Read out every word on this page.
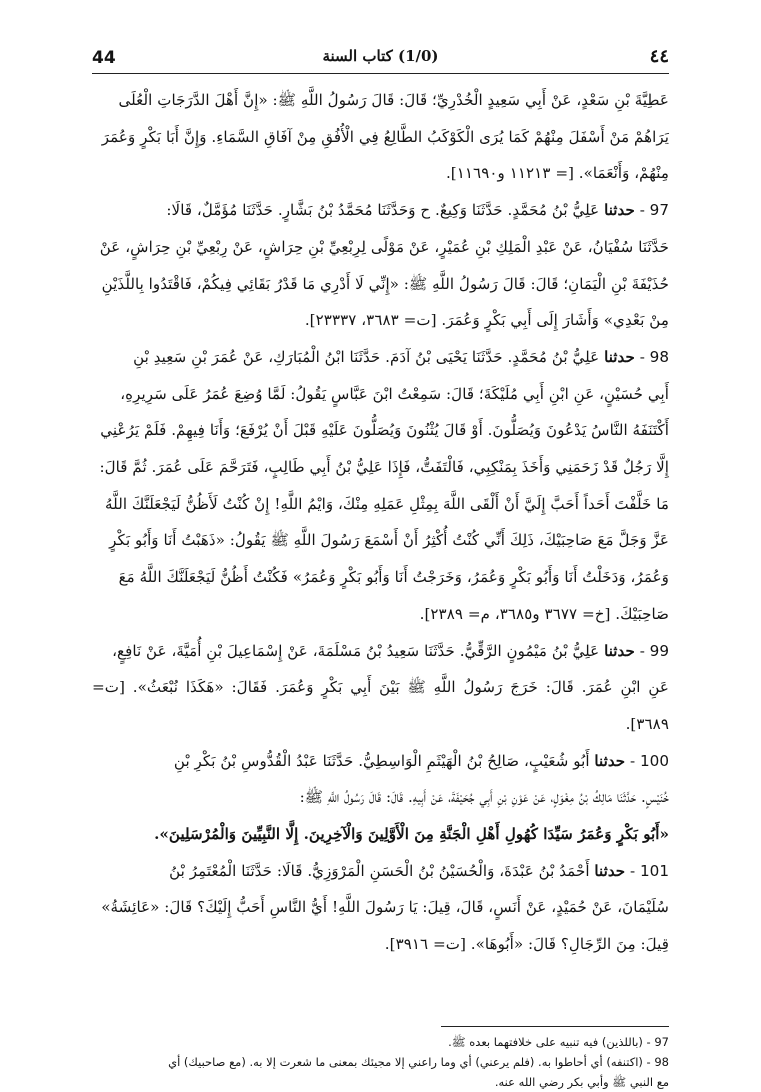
44	(1/0) كتاب السنة	٤٤

عَطِيَّةَ بْنِ سَعْدٍ، عَنْ أَبِي سَعِيدٍ الْخُدْرِيِّ؛ قَالَ: قَالَ رَسُولُ اللَّهِ ﷺ: «إِنَّ أَهْلَ الدَّرَجَاتِ الْعُلَى

يَرَاهُمْ مَنْ أَسْفَلَ مِنْهُمْ كَمَا يُرَى الْكَوْكَبُ الطَّالِعُ فِي الْأُفُقِ مِنْ آفَاقِ السَّمَاءِ. وَإِنَّ أَبَا بَكْرٍ وَعُمَرَ

مِنْهُمْ، وَأَنْعَمَا». [= ١١٢١٣ و١١٦٩٠].

97 - حدثنا عَلِيُّ بْنُ مُحَمَّدٍ. حَدَّثَنَا وَكِيعٌ. ح وَحَدَّثَنَا مُحَمَّدُ بْنُ بَشَّارٍ. حَدَّثَنَا مُؤَمَّلٌ، قَالَا:

حَدَّثَنَا سُفْيَانُ، عَنْ عَبْدِ الْمَلِكِ بْنِ عُمَيْرٍ، عَنْ مَوْلًى لِرِبْعِيِّ بْنِ حِرَاشٍ، عَنْ رِبْعِيِّ بْنِ حِرَاشٍ، عَنْ

حُذَيْفَةَ بْنِ الْيَمَانِ؛ قَالَ: قَالَ رَسُولُ اللَّهِ ﷺ: «إِنِّي لَا أَدْرِي مَا قَدْرُ بَقَائِي فِيكُمْ، فَاقْتَدُوا بِاللَّذَيْنِ

مِنْ بَعْدِي» وَأَشَارَ إِلَى أَبِي بَكْرٍ وَعُمَرَ. [ت= ٣٦٨٣، ٢٣٣٣٧].

98 - حدثنا عَلِيُّ بْنُ مُحَمَّدٍ. حَدَّثَنَا يَحْيَى بْنُ آدَمَ. حَدَّثَنَا ابْنُ الْمُبَارَكِ، عَنْ عُمَرَ بْنِ سَعِيدِ بْنِ

أَبِي حُسَيْنٍ، عَنِ ابْنِ أَبِي مُلَيْكَةَ؛ قَالَ: سَمِعْتُ ابْنَ عَبَّاسٍ يَقُولُ: لَمَّا وُضِعَ عُمَرُ عَلَى سَرِيرِهِ،

أَكْتَنَفَهُ النَّاسُ يَدْعُونَ وَيُصَلُّونَ. أَوْ قَالَ يُثْنُونَ وَيُصَلُّونَ عَلَيْهِ قَبْلَ أَنْ يُرْفَعَ؛ وَأَنَا فِيهِمْ. فَلَمْ يَرُعْنِي

إِلَّا رَجُلٌ قَدْ زَحَمَنِي وَأَخَذَ بِمَنْكِبِي، فَالْتَفَتُّ، فَإِذَا عَلِيُّ بْنُ أَبِي طَالِبٍ، فَتَرَحَّمَ عَلَى عُمَرَ. ثُمَّ قَالَ:

مَا خَلَّفْتَ أَحَداً أَحَبَّ إِلَيَّ أَنْ أَلْقَى اللَّهَ بِمِثْلِ عَمَلِهِ مِنْكَ، وَايْمُ اللَّهِ! إِنْ كُنْتُ لَأَظُنُّ لَيَجْعَلَنَّكَ اللَّهُ

عَزَّ وَجَلَّ مَعَ صَاحِبَيْكَ، ذَلِكَ أَنِّي كُنْتُ أُكْثِرُ أَنْ أَسْمَعَ رَسُولَ اللَّهِ ﷺ يَقُولُ: «ذَهَبْتُ أَنَا وَأَبُو بَكْرٍ

وَعُمَرُ، وَدَخَلْتُ أَنَا وَأَبُو بَكْرٍ وَعُمَرُ، وَخَرَجْتُ أَنَا وَأَبُو بَكْرٍ وَعُمَرُ» فَكُنْتُ أَظُنُّ لَيَجْعَلَنَّكَ اللَّهُ مَعَ

صَاحِبَيْكَ. [خ= ٣٦٧٧ و٣٦٨٥، م= ٢٣٨٩].

99 - حدثنا عَلِيُّ بْنُ مَيْمُونٍ الرَّقِّيُّ. حَدَّثَنَا سَعِيدُ بْنُ مَسْلَمَةَ، عَنْ إِسْمَاعِيلَ بْنِ أُمَيَّةَ، عَنْ نَافِعٍ،

عَنِ ابْنِ عُمَرَ. قَالَ: خَرَجَ رَسُولُ اللَّهِ ﷺ بَيْنَ أَبِي بَكْرٍ وَعُمَرَ. فَقَالَ: «هَكَذَا نُبْعَثُ». [ت= ٣٦٨٩].

100 - حدثنا أَبُو شُعَيْبٍ، صَالِحُ بْنُ الْهَيْثَمِ الْوَاسِطِيُّ. حَدَّثَنَا عَبْدُ الْقُدُّوسِ بْنُ بَكْرِ بْنِ

خُنَيْسٍ. حَدَّثَنَا مَالِكُ بْنُ مِغْوَلٍ، عَنْ عَوْنِ بْنِ أَبِي جُحَيْفَةَ، عَنْ أَبِيهِ. قَالَ: قَالَ رَسُولُ اللَّهِ ﷺ:

«أَبُو بَكْرٍ وَعُمَرُ سَيِّدَا كُهُولِ أَهْلِ الْجَنَّةِ مِنَ الْأَوَّلِينَ وَالْآخِرِينَ. إِلَّا النَّبِيِّينَ وَالْمُرْسَلِينَ».

101 - حدثنا أَحْمَدُ بْنُ عَبْدَةَ، وَالْحُسَيْنُ بْنُ الْحَسَنِ الْمَرْوَزِيُّ. قَالَا: حَدَّثَنَا الْمُعْتَمِرُ بْنُ

سُلَيْمَانَ، عَنْ حُمَيْدٍ، عَنْ أَنَسٍ، قَالَ، قِيلَ: يَا رَسُولَ اللَّهِ! أَيُّ النَّاسِ أَحَبُّ إِلَيْكَ؟ قَالَ: «عَائِشَةُ»

قِيلَ: مِنَ الرِّجَالِ؟ قَالَ: «أَبُوهَا». [ت= ٣٩١٦].

97 - (باللذين) فيه تنبيه على خلافتهما بعده ﷺ.

98 - (اكتنفه) أي أحاطوا به. (فلم يرعني) أي وما راعني إلا مجيئك بمعنى ما شعرت إلا به. (مع صاحبيك) أي

مع النبي ﷺ وأبي بكر رضي الله عنه.
